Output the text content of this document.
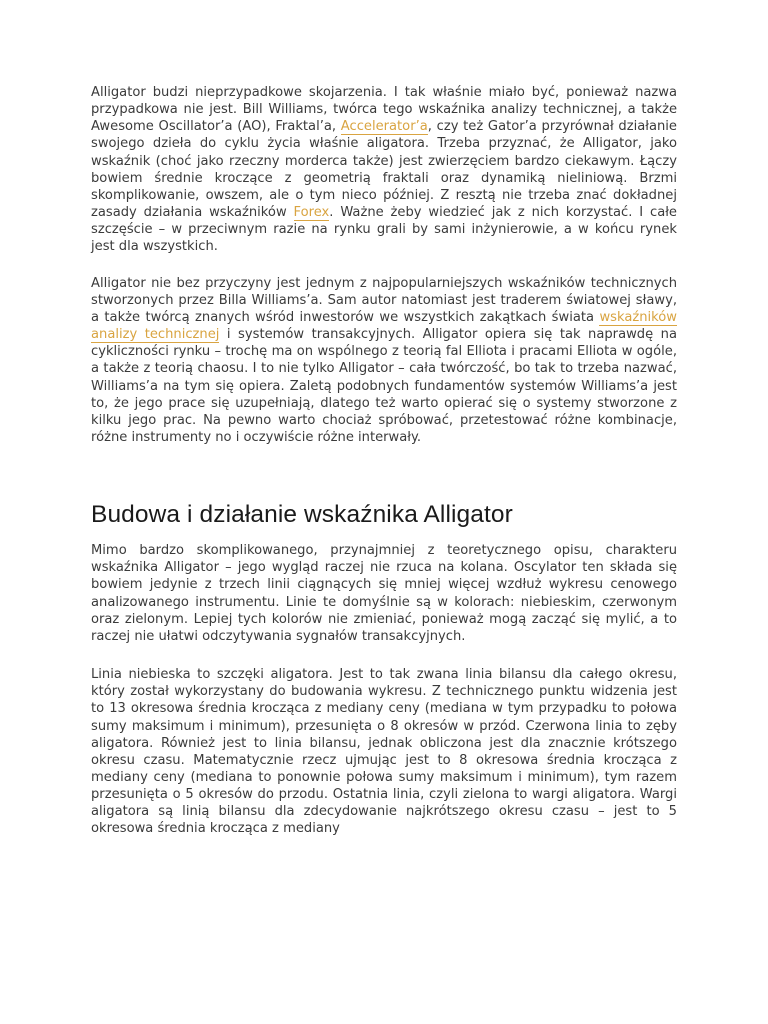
Alligator budzi nieprzypadkowe skojarzenia. I tak właśnie miało być, ponieważ nazwa przypadkowa nie jest. Bill Williams, twórca tego wskaźnika analizy technicznej, a także Awesome Oscillator’a (AO), Fraktal’a, Accelerator’a, czy też Gator’a przyrównał działanie swojego dzieła do cyklu życia właśnie aligatora. Trzeba przyznać, że Alligator, jako wskaźnik (choć jako rzeczny morderca także) jest zwierzęciem bardzo ciekawym. Łączy bowiem średnie kroczące z geometrią fraktali oraz dynamiką nieliniową. Brzmi skomplikowanie, owszem, ale o tym nieco później. Z resztą nie trzeba znać dokładnej zasady działania wskaźników Forex. Ważne żeby wiedzieć jak z nich korzystać. I całe szczęście – w przeciwnym razie na rynku grali by sami inżynierowie, a w końcu rynek jest dla wszystkich.

Alligator nie bez przyczyny jest jednym z najpopularniejszych wskaźników technicznych stworzonych przez Billa Williams’a. Sam autor natomiast jest traderem światowej sławy, a także twórcą znanych wśród inwestorów we wszystkich zakątkach świata wskaźników analizy technicznej i systemów transakcyjnych. Alligator opiera się tak naprawdę na cykliczności rynku – trochę ma on wspólnego z teorią fal Elliota i pracami Elliota w ogóle, a także z teorią chaosu. I to nie tylko Alligator – cała twórczość, bo tak to trzeba nazwać, Williams’a na tym się opiera. Zaletą podobnych fundamentów systemów Williams’a jest to, że jego prace się uzupełniają, dlatego też warto opierać się o systemy stworzone z kilku jego prac. Na pewno warto chociaż spróbować, przetestować różne kombinacje, różne instrumenty no i oczywiście różne interwały.

Budowa i działanie wskaźnika Alligator

Mimo bardzo skomplikowanego, przynajmniej z teoretycznego opisu, charakteru wskaźnika Alligator – jego wygląd raczej nie rzuca na kolana. Oscylator ten składa się bowiem jedynie z trzech linii ciągnących się mniej więcej wzdłuż wykresu cenowego analizowanego instrumentu. Linie te domyślnie są w kolorach: niebieskim, czerwonym oraz zielonym. Lepiej tych kolorów nie zmieniać, ponieważ mogą zacząć się mylić, a to raczej nie ułatwi odczytywania sygnałów transakcyjnych.

Linia niebieska to szczęki aligatora. Jest to tak zwana linia bilansu dla całego okresu, który został wykorzystany do budowania wykresu. Z technicznego punktu widzenia jest to 13 okresowa średnia krocząca z mediany ceny (mediana w tym przypadku to połowa sumy maksimum i minimum), przesunięta o 8 okresów w przód. Czerwona linia to zęby aligatora. Również jest to linia bilansu, jednak obliczona jest dla znacznie krótszego okresu czasu. Matematycznie rzecz ujmując jest to 8 okresowa średnia krocząca z mediany ceny (mediana to ponownie połowa sumy maksimum i minimum), tym razem przesunięta o 5 okresów do przodu. Ostatnia linia, czyli zielona to wargi aligatora. Wargi aligatora są linią bilansu dla zdecydowanie najkrótszego okresu czasu – jest to 5 okresowa średnia krocząca z mediany
